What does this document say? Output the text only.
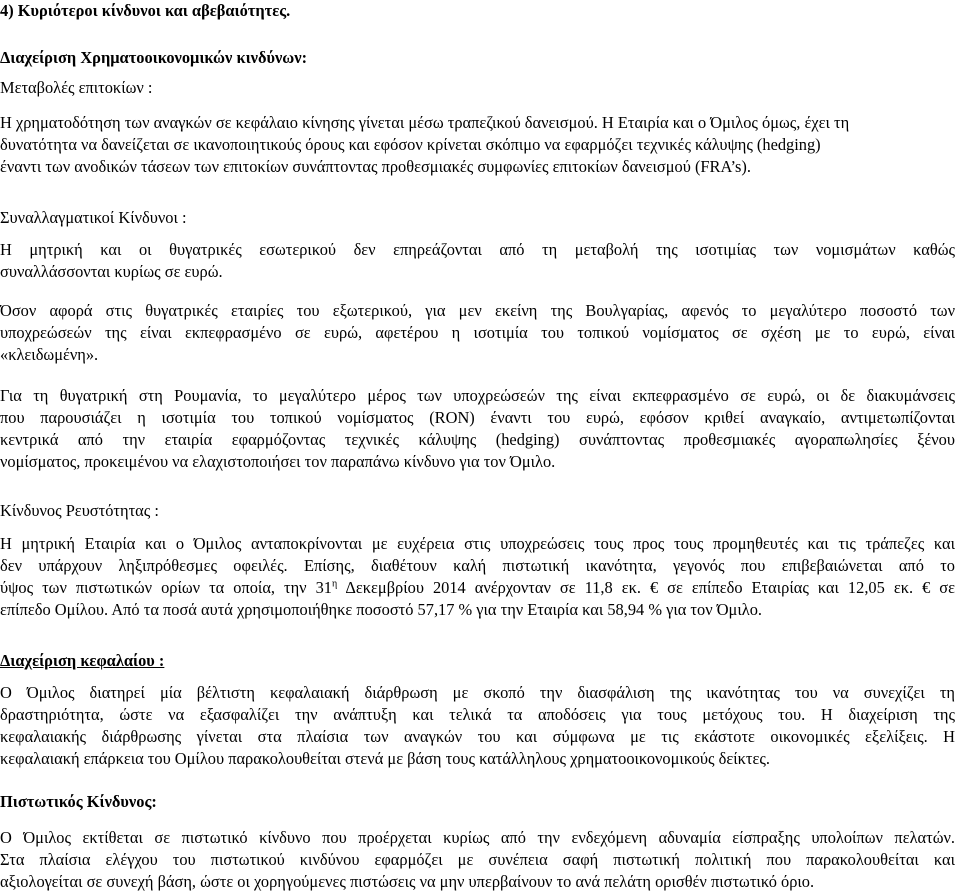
4) Κυριότεροι κίνδυνοι και αβεβαιότητες.
Διαχείριση Χρηματοοικονομικών κινδύνων:
Μεταβολές επιτοκίων :
Η χρηματοδότηση των αναγκών σε κεφάλαιο κίνησης γίνεται μέσω τραπεζικού δανεισμού. Η Εταιρία και ο Όμιλος όμως, έχει τη
δυνατότητα να δανείζεται σε ικανοποιητικούς όρους και εφόσον κρίνεται σκόπιμο να εφαρμόζει τεχνικές κάλυψης (hedging)
έναντι των ανοδικών τάσεων των επιτοκίων συνάπτοντας προθεσμιακές συμφωνίες επιτοκίων δανεισμού (FRA’s).
Συναλλαγματικοί Κίνδυνοι :
Η μητρική και οι θυγατρικές εσωτερικού δεν επηρεάζονται από τη μεταβολή της ισοτιμίας των νομισμάτων καθώς
συναλλάσσονται κυρίως σε ευρώ.
Όσον αφορά στις θυγατρικές εταιρίες του εξωτερικού, για μεν εκείνη της Βουλγαρίας, αφενός το μεγαλύτερο ποσοστό των
υποχρεώσεών της είναι εκπεφρασμένο σε ευρώ, αφετέρου η ισοτιμία του τοπικού νομίσματος σε σχέση με το ευρώ, είναι
«κλειδωμένη».
Για τη θυγατρική στη Ρουμανία, το μεγαλύτερο μέρος των υποχρεώσεών της είναι εκπεφρασμένο σε ευρώ, οι δε διακυμάνσεις
που παρουσιάζει η ισοτιμία του τοπικού νομίσματος (RON) έναντι του ευρώ, εφόσον κριθεί αναγκαίο, αντιμετωπίζονται
κεντρικά από την εταιρία εφαρμόζοντας τεχνικές κάλυψης (hedging) συνάπτοντας προθεσμιακές αγοραπωλησίες ξένου
νομίσματος, προκειμένου να ελαχιστοποιήσει τον παραπάνω κίνδυνο για τον Όμιλο.
Κίνδυνος Ρευστότητας :
Η μητρική Εταιρία και ο Όμιλος ανταποκρίνονται με ευχέρεια στις υποχρεώσεις τους προς τους προμηθευτές και τις τράπεζες και
δεν υπάρχουν ληξιπρόθεσμες οφειλές. Επίσης, διαθέτουν καλή πιστωτική ικανότητα, γεγονός που επιβεβαιώνεται από το
ύψος των πιστωτικών ορίων τα οποία, την $31^\eta$ Δεκεμβρίου 2014 ανέρχονταν σε 11,8 εκ. € σε επίπεδο Εταιρίας και 12,05 εκ. € σε
επίπεδο Ομίλου. Από τα ποσά αυτά χρησιμοποιήθηκε ποσοστό 57,17 % για την Εταιρία και 58,94 % για τον Όμιλο.
Διαχείριση κεφαλαίου :
Ο Όμιλος διατηρεί μία βέλτιστη κεφαλαιακή διάρθρωση με σκοπό την διασφάλιση της ικανότητας του να συνεχίζει τη
δραστηριότητα, ώστε να εξασφαλίζει την ανάπτυξη και τελικά τα αποδόσεις για τους μετόχους του. Η διαχείριση της
κεφαλαιακής διάρθρωσης γίνεται στα πλαίσια των αναγκών του και σύμφωνα με τις εκάστοτε οικονομικές εξελίξεις. Η
κεφαλαιακή επάρκεια του Ομίλου παρακολουθείται στενά με βάση τους κατάλληλους χρηματοοικονομικούς δείκτες.
Πιστωτικός Κίνδυνος:
Ο Όμιλος εκτίθεται σε πιστωτικό κίνδυνο που προέρχεται κυρίως από την ενδεχόμενη αδυναμία είσπραξης υπολοίπων πελατών.
Στα πλαίσια ελέγχου του πιστωτικού κινδύνου εφαρμόζει με συνέπεια σαφή πιστωτική πολιτική που παρακολουθείται και
αξιολογείται σε συνεχή βάση, ώστε οι χορηγούμενες πιστώσεις να μην υπερβαίνουν το ανά πελάτη ορισθέν πιστωτικό όριο.
